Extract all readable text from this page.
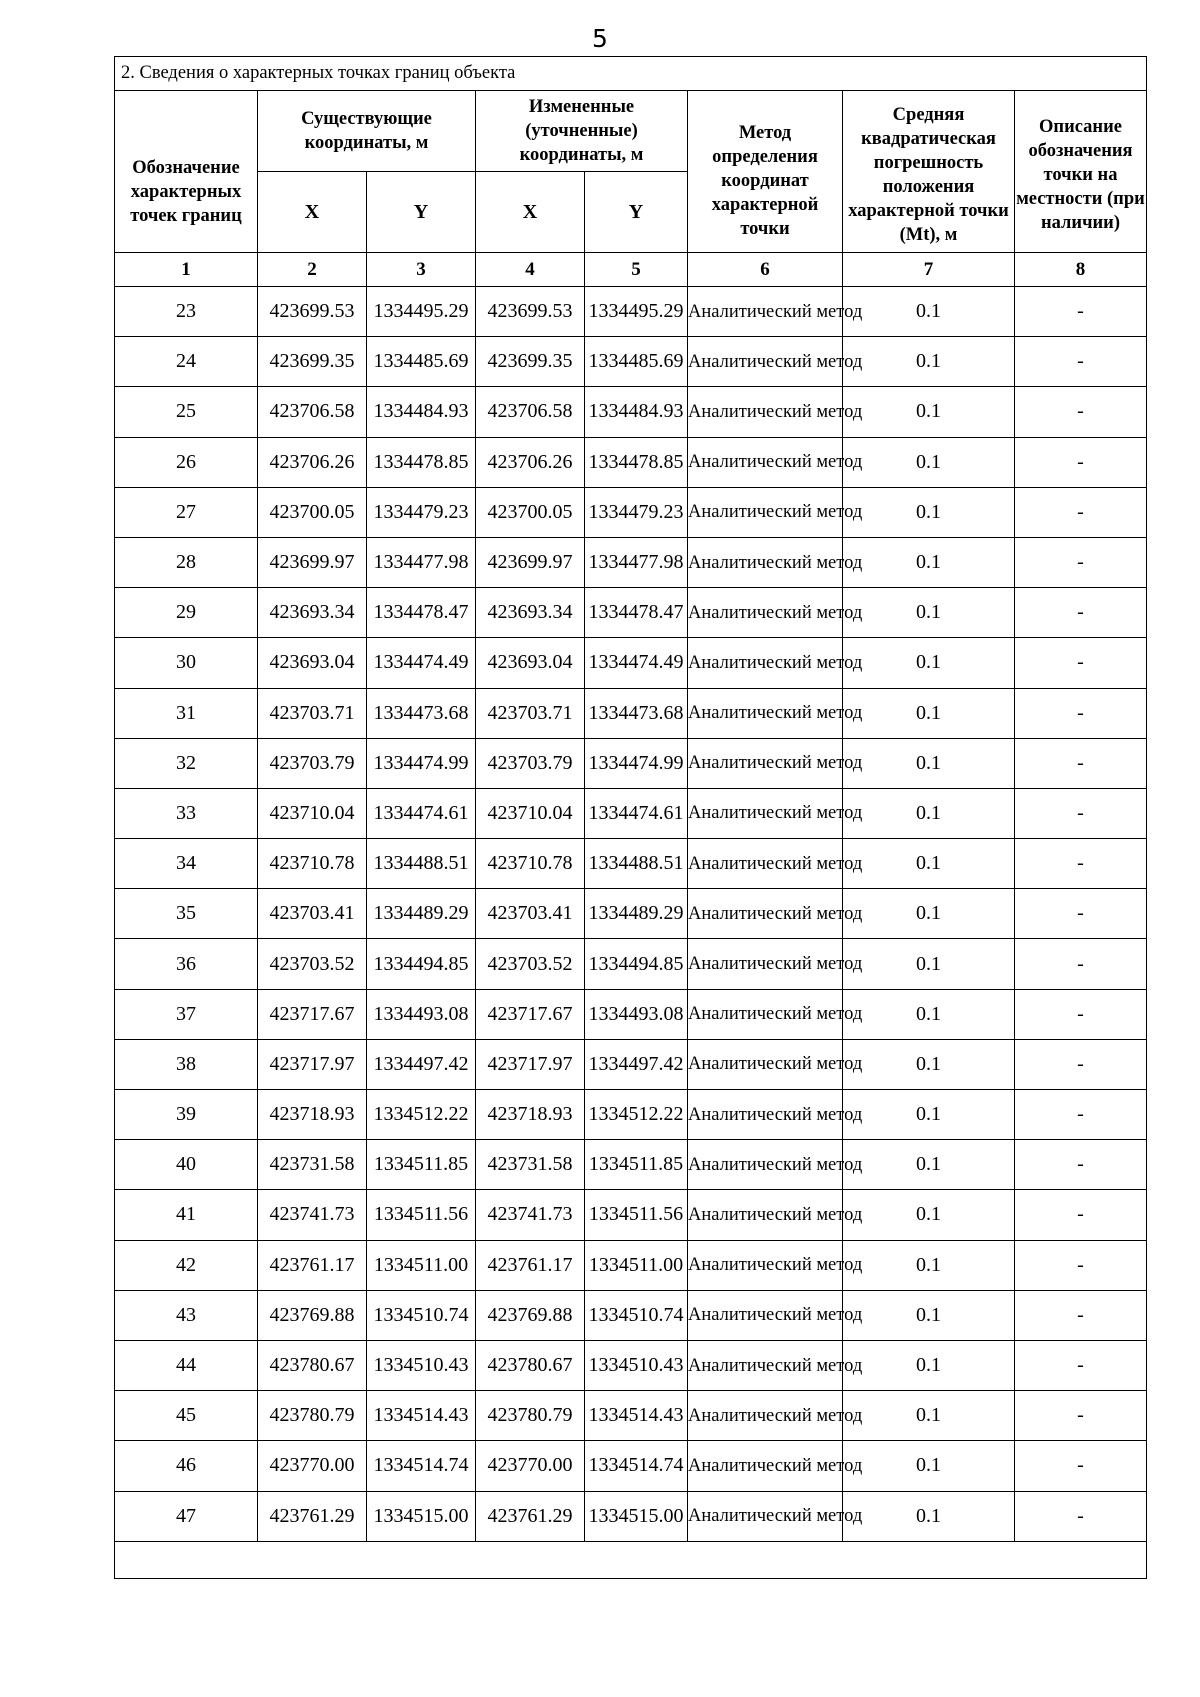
5
2. Сведения о характерных точках границ объекта							
Обозначение характерных точек границ	Существующие координаты, м		Измененные (уточненные) координаты, м		Метод определения координат характерной точки	Средняя квадратическая погрешность положения характерной точки (Mt), м	Описание обозначения точки на местности (при наличии)
	X	Y	X	Y			
1	2	3	4	5	6	7	8
23	423699.53	1334495.29	423699.53	1334495.29	Аналитический метод	0.1	-
24	423699.35	1334485.69	423699.35	1334485.69	Аналитический метод	0.1	-
25	423706.58	1334484.93	423706.58	1334484.93	Аналитический метод	0.1	-
26	423706.26	1334478.85	423706.26	1334478.85	Аналитический метод	0.1	-
27	423700.05	1334479.23	423700.05	1334479.23	Аналитический метод	0.1	-
28	423699.97	1334477.98	423699.97	1334477.98	Аналитический метод	0.1	-
29	423693.34	1334478.47	423693.34	1334478.47	Аналитический метод	0.1	-
30	423693.04	1334474.49	423693.04	1334474.49	Аналитический метод	0.1	-
31	423703.71	1334473.68	423703.71	1334473.68	Аналитический метод	0.1	-
32	423703.79	1334474.99	423703.79	1334474.99	Аналитический метод	0.1	-
33	423710.04	1334474.61	423710.04	1334474.61	Аналитический метод	0.1	-
34	423710.78	1334488.51	423710.78	1334488.51	Аналитический метод	0.1	-
35	423703.41	1334489.29	423703.41	1334489.29	Аналитический метод	0.1	-
36	423703.52	1334494.85	423703.52	1334494.85	Аналитический метод	0.1	-
37	423717.67	1334493.08	423717.67	1334493.08	Аналитический метод	0.1	-
38	423717.97	1334497.42	423717.97	1334497.42	Аналитический метод	0.1	-
39	423718.93	1334512.22	423718.93	1334512.22	Аналитический метод	0.1	-
40	423731.58	1334511.85	423731.58	1334511.85	Аналитический метод	0.1	-
41	423741.73	1334511.56	423741.73	1334511.56	Аналитический метод	0.1	-
42	423761.17	1334511.00	423761.17	1334511.00	Аналитический метод	0.1	-
43	423769.88	1334510.74	423769.88	1334510.74	Аналитический метод	0.1	-
44	423780.67	1334510.43	423780.67	1334510.43	Аналитический метод	0.1	-
45	423780.79	1334514.43	423780.79	1334514.43	Аналитический метод	0.1	-
46	423770.00	1334514.74	423770.00	1334514.74	Аналитический метод	0.1	-
47	423761.29	1334515.00	423761.29	1334515.00	Аналитический метод	0.1	-
